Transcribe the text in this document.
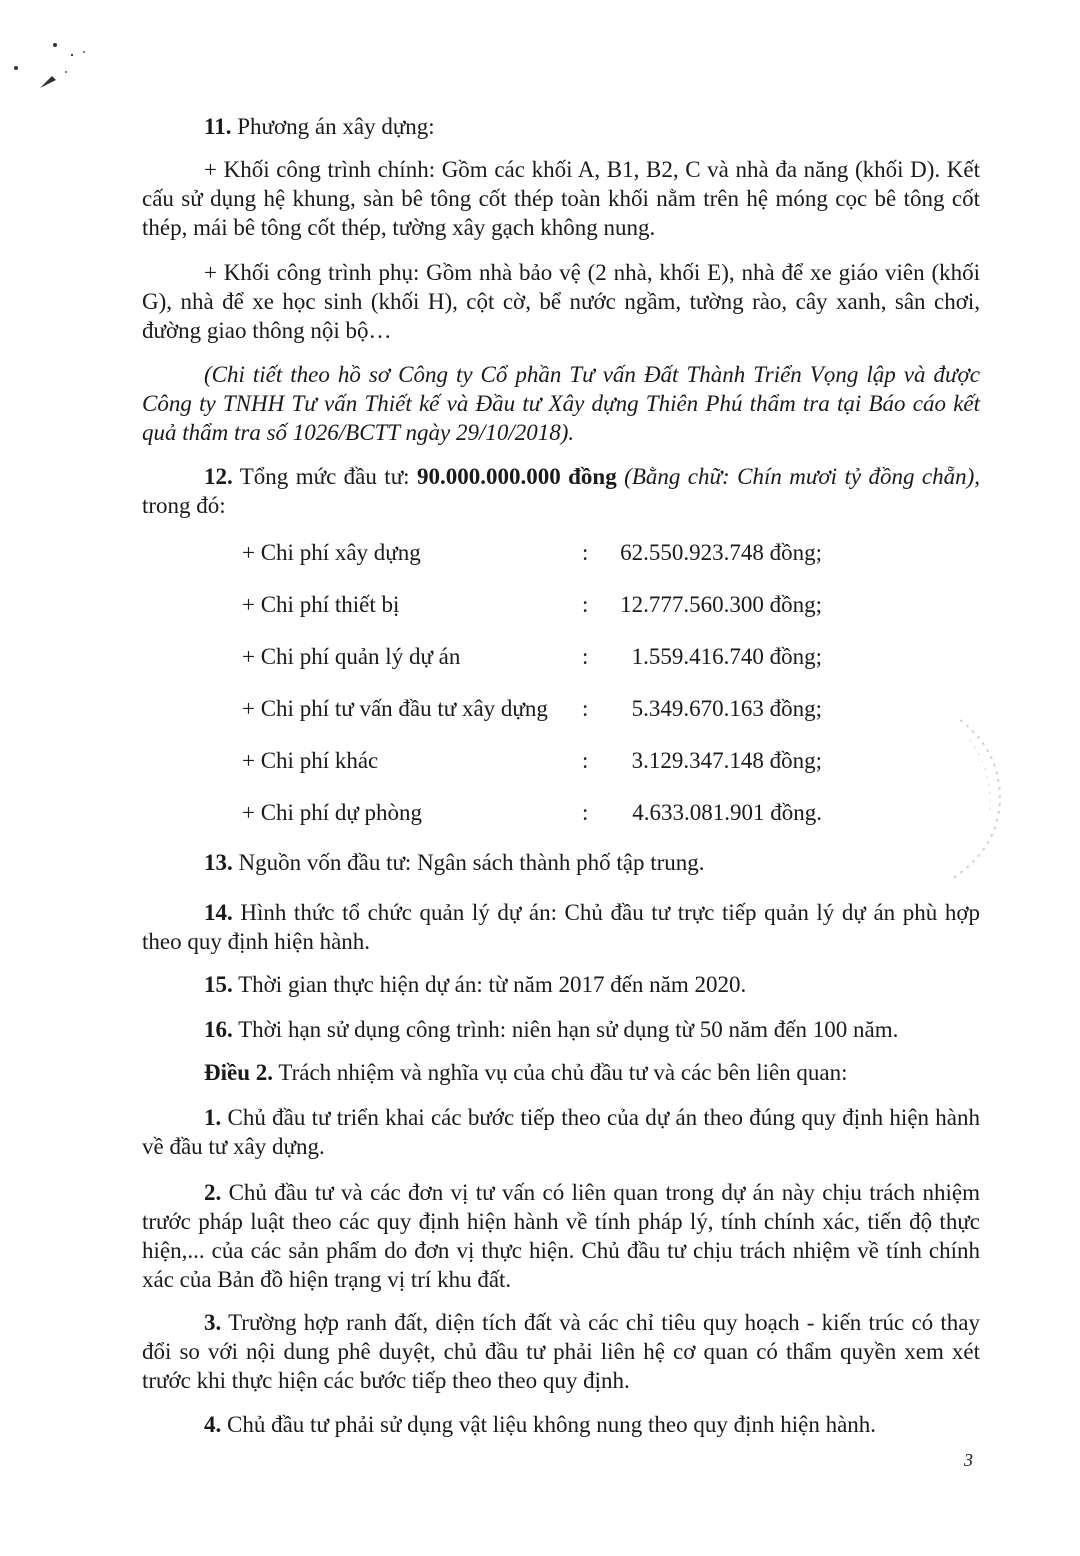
11. Phương án xây dựng:

+ Khối công trình chính: Gồm các khối A, B1, B2, C và nhà đa năng (khối D). Kết cấu sử dụng hệ khung, sàn bê tông cốt thép toàn khối nằm trên hệ móng cọc bê tông cốt thép, mái bê tông cốt thép, tường xây gạch không nung.

+ Khối công trình phụ: Gồm nhà bảo vệ (2 nhà, khối E), nhà để xe giáo viên (khối G), nhà để xe học sinh (khối H), cột cờ, bể nước ngầm, tường rào, cây xanh, sân chơi, đường giao thông nội bộ…

(Chi tiết theo hồ sơ Công ty Cổ phần Tư vấn Đất Thành Triển Vọng lập và được Công ty TNHH Tư vấn Thiết kế và Đầu tư Xây dựng Thiên Phú thẩm tra tại Báo cáo kết quả thẩm tra số 1026/BCTT ngày 29/10/2018).

12. Tổng mức đầu tư: 90.000.000.000 đồng (Bằng chữ: Chín mươi tỷ đồng chẵn), trong đó:

+ Chi phí xây dựng	: 62.550.923.748 đồng;
+ Chi phí thiết bị	: 12.777.560.300 đồng;
+ Chi phí quản lý dự án	: 1.559.416.740 đồng;
+ Chi phí tư vấn đầu tư xây dựng : 5.349.670.163 đồng;
+ Chi phí khác	: 3.129.347.148 đồng;
+ Chi phí dự phòng	: 4.633.081.901 đồng.

13. Nguồn vốn đầu tư: Ngân sách thành phố tập trung.

14. Hình thức tổ chức quản lý dự án: Chủ đầu tư trực tiếp quản lý dự án phù hợp theo quy định hiện hành.

15. Thời gian thực hiện dự án: từ năm 2017 đến năm 2020.

16. Thời hạn sử dụng công trình: niên hạn sử dụng từ 50 năm đến 100 năm.

Điều 2. Trách nhiệm và nghĩa vụ của chủ đầu tư và các bên liên quan:

1. Chủ đầu tư triển khai các bước tiếp theo của dự án theo đúng quy định hiện hành về đầu tư xây dựng.

2. Chủ đầu tư và các đơn vị tư vấn có liên quan trong dự án này chịu trách nhiệm trước pháp luật theo các quy định hiện hành về tính pháp lý, tính chính xác, tiến độ thực hiện,... của các sản phẩm do đơn vị thực hiện. Chủ đầu tư chịu trách nhiệm về tính chính xác của Bản đồ hiện trạng vị trí khu đất.

3. Trường hợp ranh đất, diện tích đất và các chỉ tiêu quy hoạch - kiến trúc có thay đổi so với nội dung phê duyệt, chủ đầu tư phải liên hệ cơ quan có thẩm quyền xem xét trước khi thực hiện các bước tiếp theo theo quy định.

4. Chủ đầu tư phải sử dụng vật liệu không nung theo quy định hiện hành.

3
